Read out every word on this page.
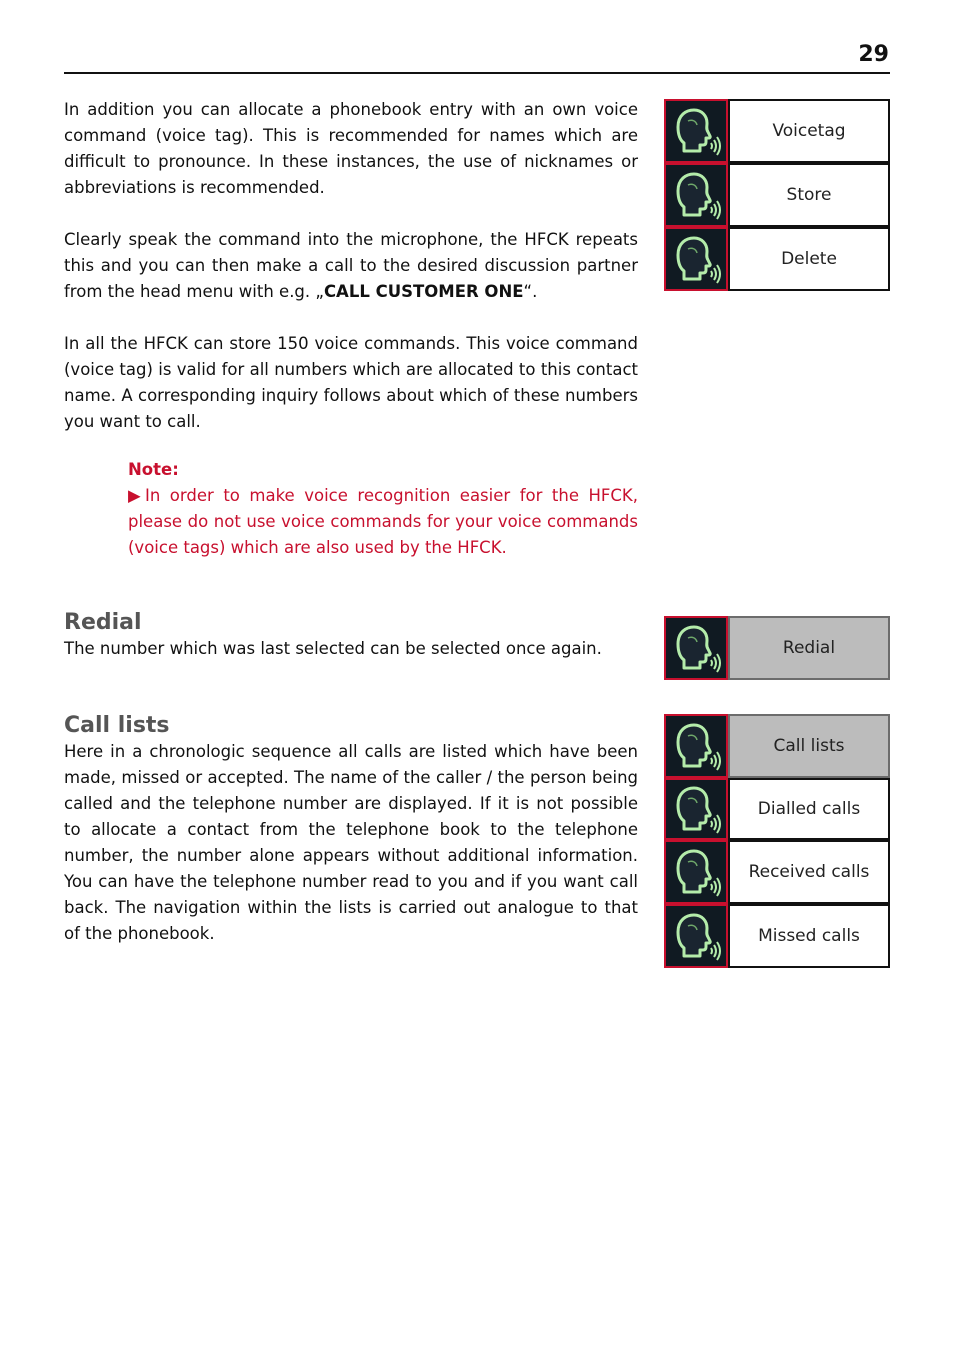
29

In addition you can allocate a phonebook entry with an own voice command (voice tag). This is recommended for names which are difficult to pronounce. In these instances, the use of nicknames or abbreviations is recommended.

Clearly speak the command into the microphone, the HFCK repeats this and you can then make a call to the desired discussion partner from the head menu with e.g. „CALL CUSTOMER ONE“.

In all the HFCK can store 150 voice commands. This voice command (voice tag) is valid for all numbers which are allocated to this contact name. A corresponding inquiry follows about which of these numbers you want to call.

Note:
▶In order to make voice recognition easier for the HFCK, please do not use voice commands for your voice commands (voice tags) which are also used by the HFCK.
Redial

The number which was last selected can be selected once again.

Call lists

Here in a chronologic sequence all calls are listed which have been made, missed or accepted. The name of the caller / the person being called and the telephone number are displayed. If it is not possible to allocate a contact from the telephone book to the telephone number, the number alone appears without additional information. You can have the telephone number read to you and if you want call back. The navigation within the lists is carried out analogue to that of the phonebook.

Voicetag
Store
Delete
Redial
Call lists
Dialled calls
Received calls
Missed calls
